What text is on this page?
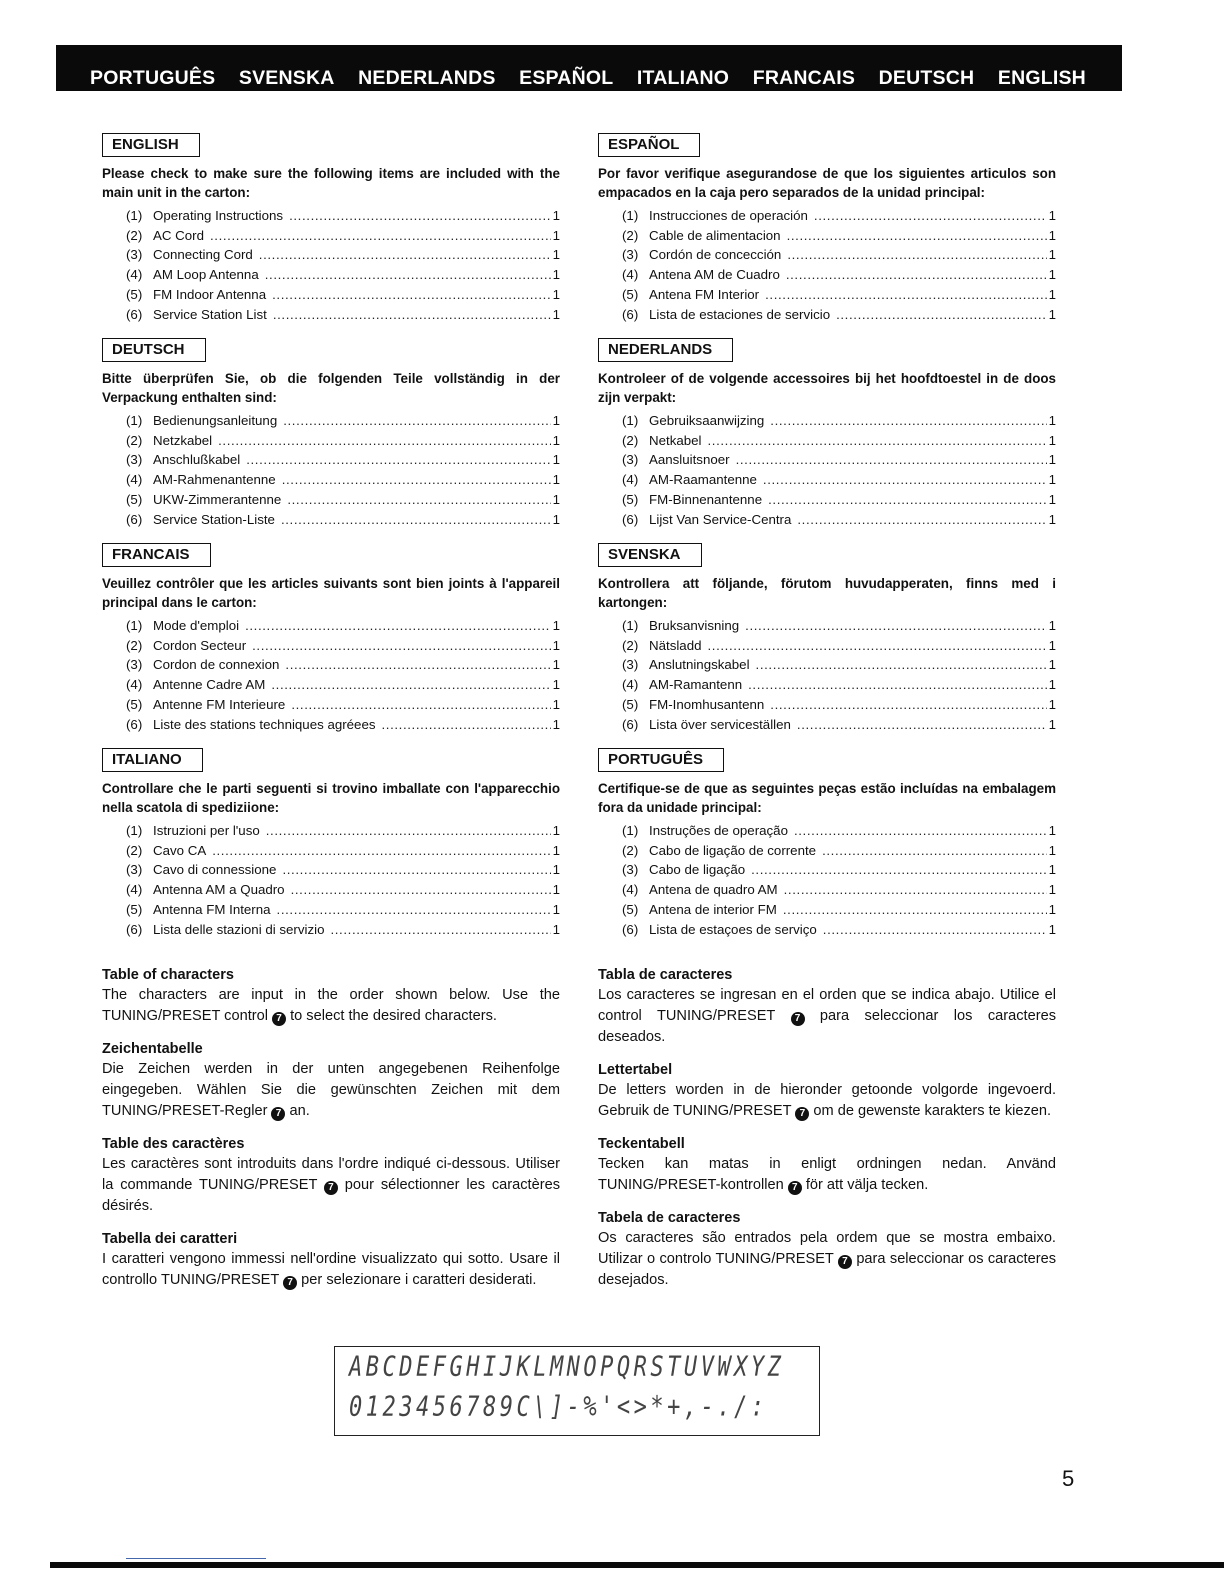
PORTUGUÊS SVENSKA NEDERLANDS ESPAÑOL ITALIANO FRANCAIS DEUTSCH ENGLISH
ENGLISH

Please check to make sure the following items are included with the main unit in the carton:

(1) Operating Instructions .....	1
(2) AC Cord .....	1
(3) Connecting Cord .....	1
(4) AM Loop Antenna .....	1
(5) FM Indoor Antenna .....	1
(6) Service Station List .....	1
DEUTSCH

Bitte überprüfen Sie, ob die folgenden Teile vollständig in der Verpackung enthalten sind:

(1) Bedienungsanleitung .....	1
(2) Netzkabel .....	1
(3) Anschlußkabel .....	1
(4) AM-Rahmenantenne .....	1
(5) UKW-Zimmerantenne .....	1
(6) Service Station-Liste .....	1
FRANCAIS

Veuillez contrôler que les articles suivants sont bien joints à l'appareil principal dans le carton:

(1) Mode d'emploi .....	1
(2) Cordon Secteur .....	1
(3) Cordon de connexion .....	1
(4) Antenne Cadre AM .....	1
(5) Antenne FM Interieure .....	1
(6) Liste des stations techniques agréees .....	1
ITALIANO

Controllare che le parti seguenti si trovino imballate con l'apparecchio nella scatola di spediziione:

(1) Istruzioni per l'uso .....	1
(2) Cavo CA .....	1
(3) Cavo di connessione .....	1
(4) Antenna AM a Quadro .....	1
(5) Antenna FM Interna .....	1
(6) Lista delle stazioni di servizio .....	1
ESPAÑOL

Por favor verifique asegurandose de que los siguientes articulos son empacados en la caja pero separados de la unidad principal:

(1) Instrucciones de operación .....	1
(2) Cable de alimentacion .....	1
(3) Cordón de concección .....	1
(4) Antena AM de Cuadro .....	1
(5) Antena FM Interior .....	1
(6) Lista de estaciones de servicio .....	1
NEDERLANDS

Kontroleer of de volgende accessoires bij het hoofdtoestel in de doos zijn verpakt:

(1) Gebruiksaanwijzing .....	1
(2) Netkabel .....	1
(3) Aansluitsnoer .....	1
(4) AM-Raamantenne .....	1
(5) FM-Binnenantenne .....	1
(6) Lijst Van Service-Centra .....	1
SVENSKA

Kontrollera att följande, förutom huvudapperaten, finns med i kartongen:

(1) Bruksanvisning .....	1
(2) Nätsladd .....	1
(3) Anslutningskabel .....	1
(4) AM-Ramantenn .....	1
(5) FM-Inomhusantenn .....	1
(6) Lista över serviceställen .....	1
PORTUGUÊS

Certifique-se de que as seguintes peças estão incluídas na embalagem fora da unidade principal:

(1) Instruções de operação .....	1
(2) Cabo de ligação de corrente .....	1
(3) Cabo de ligação .....	1
(4) Antena de quadro AM .....	1
(5) Antena de interior FM .....	1
(6) Lista de estaçoes de serviço .....	1
Table of characters

The characters are input in the order shown below. Use the TUNING/PRESET control 7 to select the desired characters.

Zeichentabelle

Die Zeichen werden in der unten angegebenen Reihenfolge eingegeben. Wählen Sie die gewünschten Zeichen mit dem TUNING/PRESET-Regler 7 an.

Table des caractères

Les caractères sont introduits dans l'ordre indiqué ci-dessous. Utiliser la commande TUNING/PRESET 7 pour sélectionner les caractères désirés.

Tabella dei caratteri

I caratteri vengono immessi nell'ordine visualizzato qui sotto. Usare il controllo TUNING/PRESET 7 per selezionare i caratteri desiderati.

Tabla de caracteres

Los caracteres se ingresan en el orden que se indica abajo. Utilice el control TUNING/PRESET 7 para seleccionar los caracteres deseados.

Lettertabel

De letters worden in de hieronder getoonde volgorde ingevoerd. Gebruik de TUNING/PRESET 7 om de gewenste karakters te kiezen.

Teckentabell

Tecken kan matas in enligt ordningen nedan. Använd TUNING/PRESET-kontrollen 7 för att välja tecken.

Tabela de caracteres

Os caracteres são entrados pela ordem que se mostra embaixo. Utilizar o controlo TUNING/PRESET 7 para seleccionar os caracteres desejados.

ABCDEFGHIJKLMNOPQRSTUVWXYZ
0123456789C\]-%'<>*+,-./:
5
